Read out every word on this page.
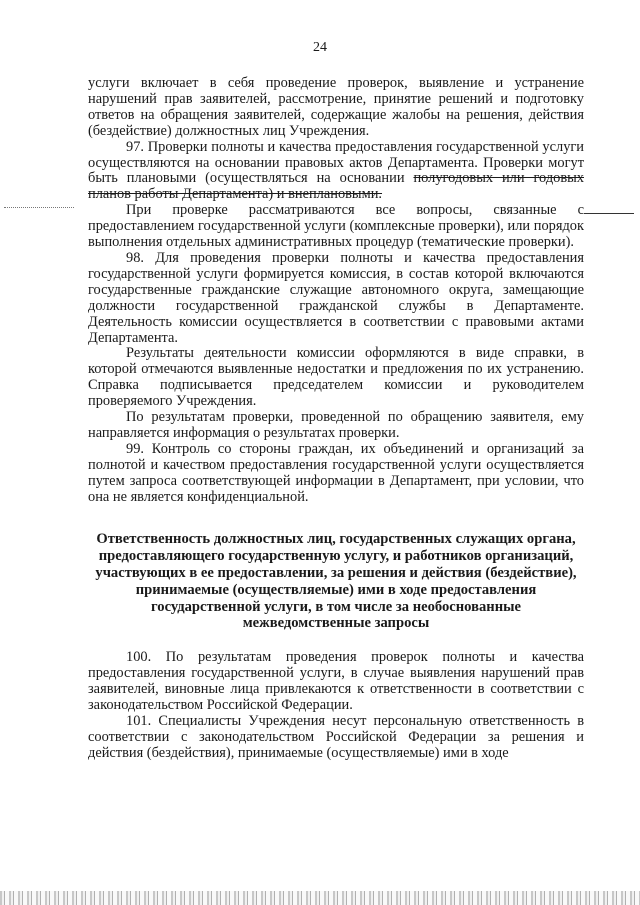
24

услуги включает в себя проведение проверок, выявление и устранение нарушений прав заявителей, рассмотрение, принятие решений и подготовку ответов на обращения заявителей, содержащие жалобы на решения, действия (бездействие) должностных лиц Учреждения.

97. Проверки полноты и качества предоставления государственной услуги осуществляются на основании правовых актов Департамента. Проверки могут быть плановыми (осуществляться на основании полугодовых или годовых планов работы Департамента) и внеплановыми.

При проверке рассматриваются все вопросы, связанные с предоставлением государственной услуги (комплексные проверки), или порядок выполнения отдельных административных процедур (тематические проверки).

98. Для проведения проверки полноты и качества предоставления государственной услуги формируется комиссия, в состав которой включаются государственные гражданские служащие автономного округа, замещающие должности государственной гражданской службы в Департаменте. Деятельность комиссии осуществляется в соответствии с правовыми актами Департамента.

Результаты деятельности комиссии оформляются в виде справки, в которой отмечаются выявленные недостатки и предложения по их устранению. Справка подписывается председателем комиссии и руководителем проверяемого Учреждения.

По результатам проверки, проведенной по обращению заявителя, ему направляется информация о результатах проверки.

99. Контроль со стороны граждан, их объединений и организаций за полнотой и качеством предоставления государственной услуги осуществляется путем запроса соответствующей информации в Департамент, при условии, что она не является конфиденциальной.

Ответственность должностных лиц, государственных служащих органа, предоставляющего государственную услугу, и работников организаций, участвующих в ее предоставлении, за решения и действия (бездействие), принимаемые (осуществляемые) ими в ходе предоставления государственной услуги, в том числе за необоснованные межведомственные запросы

100. По результатам проведения проверок полноты и качества предоставления государственной услуги, в случае выявления нарушений прав заявителей, виновные лица привлекаются к ответственности в соответствии с законодательством Российской Федерации.

101. Специалисты Учреждения несут персональную ответственность в соответствии с законодательством Российской Федерации за решения и действия (бездействия), принимаемые (осуществляемые) ими в ходе
